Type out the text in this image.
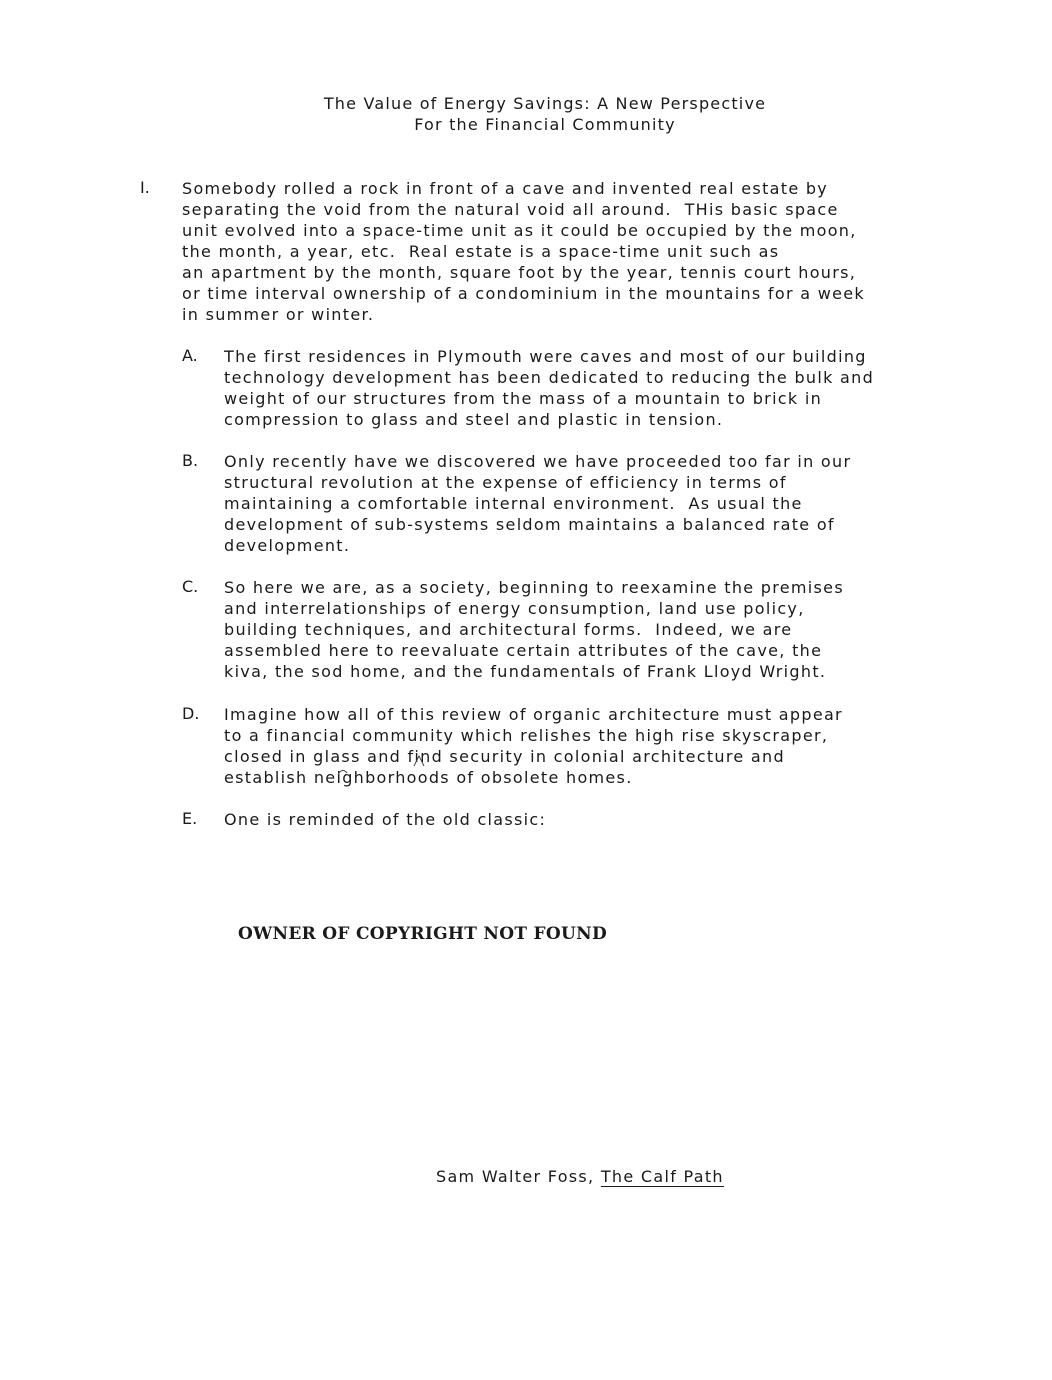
The Value of Energy Savings: A New Perspective
For the Financial Community
I. Somebody rolled a rock in front of a cave and invented real estate by
separating the void from the natural void all around.  THis basic space
unit evolved into a space-time unit as it could be occupied by the moon,
the month, a year, etc.  Real estate is a space-time unit such as
an apartment by the month, square foot by the year, tennis court hours,
or time interval ownership of a condominium in the mountains for a week
in summer or winter.
A. The first residences in Plymouth were caves and most of our building
technology development has been dedicated to reducing the bulk and
weight of our structures from the mass of a mountain to brick in
compression to glass and steel and plastic in tension.
B. Only recently have we discovered we have proceeded too far in our
structural revolution at the expense of efficiency in terms of
maintaining a comfortable internal environment.  As usual the
development of sub-systems seldom maintains a balanced rate of
development.
C. So here we are, as a society, beginning to reexamine the premises
and interrelationships of energy consumption, land use policy,
building techniques, and architectural forms.  Indeed, we are
assembled here to reevaluate certain attributes of the cave, the
kiva, the sod home, and the fundamentals of Frank Lloyd Wright.
D. Imagine how all of this review of organic architecture must appear
to a financial community which relishes the high rise skyscraper,
closed in glass and find security in colonial architecture and
establish neighborhoods of obsolete homes.
E. One is reminded of the old classic:
OWNER OF COPYRIGHT NOT FOUND
Sam Walter Foss, The Calf Path
